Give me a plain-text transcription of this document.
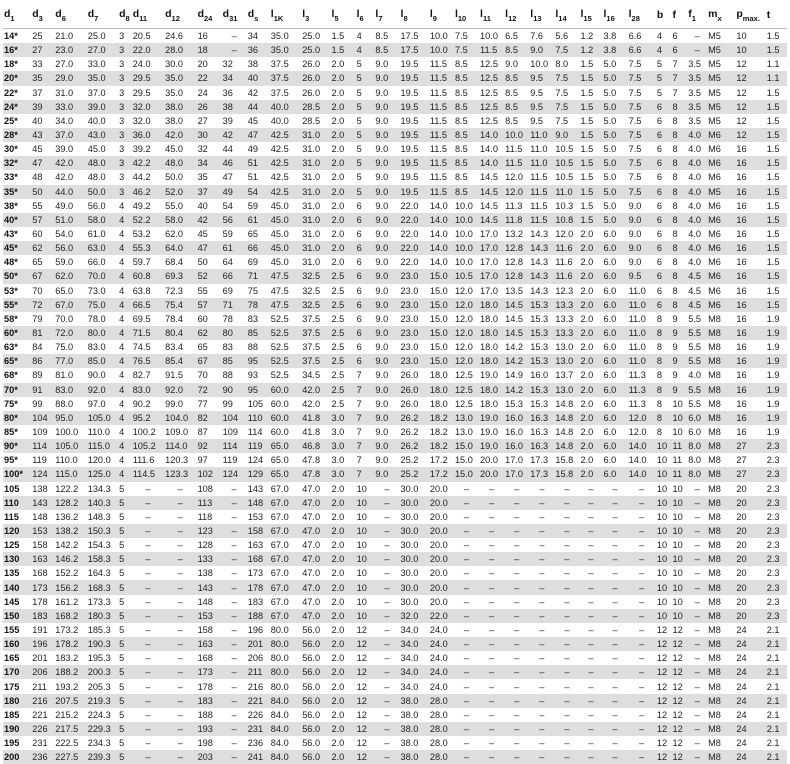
$d_1$	$d_3$	$d_6$	$d_7$	$d_8$	$d_{11}$	$d_{12}$	$d_{24}$	$d_{31}$	$d_s$	$l_{1K}$	$l_3$	$l_5$	$l_6$	$l_7$	$l_8$	$l_9$	$l_{10}$	$l_{11}$	$l_{12}$	$l_{13}$	$l_{14}$	$l_{15}$	$l_{16}$	$l_{28}$	b	f	$f_1$	$m_x$	$p_{max.}$	t
14*	25	21.0	25.0	3	20.5	24.6	16	–	34	35.0	25.0	1.5	4	8.5	17.5	10.0	7.5	10.0	6.5	7.6	5.6	1.2	3.8	6.6	4	6	–	M5	10	1.5
16*	27	23.0	27.0	3	22.0	28.0	18	–	36	35.0	25.0	1.5	4	8.5	17.5	10.0	7.5	11.5	8.5	9.0	7.5	1.2	3.8	6.6	4	6	–	M5	10	1.5
18*	33	27.0	33.0	3	24.0	30.0	20	32	38	37.5	26.0	2.0	5	9.0	19.5	11.5	8.5	12.5	9.0	10.0	8.0	1.5	5.0	7.5	5	7	3.5	M5	12	1.1
20*	35	29.0	35.0	3	29.5	35.0	22	34	40	37.5	26.0	2.0	5	9.0	19.5	11.5	8.5	12.5	8.5	9.5	7.5	1.5	5.0	7.5	5	7	3.5	M5	12	1.1
22*	37	31.0	37.0	3	29.5	35.0	24	36	42	37.5	26.0	2.0	5	9.0	19.5	11.5	8.5	12.5	8.5	9.5	7.5	1.5	5.0	7.5	5	7	3.5	M5	12	1.5
24*	39	33.0	39.0	3	32.0	38.0	26	38	44	40.0	28.5	2.0	5	9.0	19.5	11.5	8.5	12.5	8.5	9.5	7.5	1.5	5.0	7.5	6	8	3.5	M5	12	1.5
25*	40	34.0	40.0	3	32.0	38.0	27	39	45	40.0	28.5	2.0	5	9.0	19.5	11.5	8.5	12.5	8.5	9.5	7.5	1.5	5.0	7.5	6	8	3.5	M5	12	1.5
28*	43	37.0	43.0	3	36.0	42.0	30	42	47	42.5	31.0	2.0	5	9.0	19.5	11.5	8.5	14.0	10.0	11.0	9.0	1.5	5.0	7.5	6	8	4.0	M6	12	1.5
30*	45	39.0	45.0	3	39.2	45.0	32	44	49	42.5	31.0	2.0	5	9.0	19.5	11.5	8.5	14.0	11.5	11.0	10.5	1.5	5.0	7.5	6	8	4.0	M6	16	1.5
32*	47	42.0	48.0	3	42.2	48.0	34	46	51	42.5	31.0	2.0	5	9.0	19.5	11.5	8.5	14.0	11.5	11.0	10.5	1.5	5.0	7.5	6	8	4.0	M6	16	1.5
33*	48	42.0	48.0	3	44.2	50.0	35	47	51	42.5	31.0	2.0	5	9.0	19.5	11.5	8.5	14.5	12.0	11.5	10.5	1.5	5.0	7.5	6	8	4.0	M6	16	1.5
35*	50	44.0	50.0	3	46.2	52.0	37	49	54	42.5	31.0	2.0	5	9.0	19.5	11.5	8.5	14.5	12.0	11.5	11.0	1.5	5.0	7.5	6	8	4.0	M5	16	1.5
38*	55	49.0	56.0	4	49.2	55.0	40	54	59	45.0	31.0	2.0	6	9.0	22.0	14.0	10.0	14.5	11.3	11.5	10.3	1.5	5.0	9.0	6	8	4.0	M6	16	1.5
40*	57	51.0	58.0	4	52.2	58.0	42	56	61	45.0	31.0	2.0	6	9.0	22.0	14.0	10.0	14.5	11.8	11.5	10.8	1.5	5.0	9.0	6	8	4.0	M6	16	1.5
43*	60	54.0	61.0	4	53.2	62.0	45	59	65	45.0	31.0	2.0	6	9.0	22.0	14.0	10.0	17.0	13.2	14.3	12.0	2.0	6.0	9.0	6	8	4.0	M6	16	1.5
45*	62	56.0	63.0	4	55.3	64.0	47	61	66	45.0	31.0	2.0	6	9.0	22.0	14.0	10.0	17.0	12.8	14.3	11.6	2.0	6.0	9.0	6	8	4.0	M6	16	1.5
48*	65	59.0	66.0	4	59.7	68.4	50	64	69	45.0	31.0	2.0	6	9.0	22.0	14.0	10.0	17.0	12.8	14.3	11.6	2.0	6.0	9.0	6	8	4.0	M6	16	1.5
50*	67	62.0	70.0	4	60.8	69.3	52	66	71	47.5	32.5	2.5	6	9.0	23.0	15.0	10.5	17.0	12.8	14.3	11.6	2.0	6.0	9.5	6	8	4.5	M6	16	1.5
53*	70	65.0	73.0	4	63.8	72.3	55	69	75	47.5	32.5	2.5	6	9.0	23.0	15.0	12.0	17.0	13.5	14.3	12.3	2.0	6.0	11.0	6	8	4.5	M6	16	1.5
55*	72	67.0	75.0	4	66.5	75.4	57	71	78	47.5	32.5	2.5	6	9.0	23.0	15.0	12.0	18.0	14.5	15.3	13.3	2.0	6.0	11.0	6	8	4.5	M6	16	1.5
58*	79	70.0	78.0	4	69.5	78.4	60	78	83	52.5	37.5	2.5	6	9.0	23.0	15.0	12.0	18.0	14.5	15.3	13.3	2.0	6.0	11.0	8	9	5.5	M8	16	1.9
60*	81	72.0	80.0	4	71.5	80.4	62	80	85	52.5	37.5	2.5	6	9.0	23.0	15.0	12.0	18.0	14.5	15.3	13.3	2.0	6.0	11.0	8	9	5.5	M8	16	1.9
63*	84	75.0	83.0	4	74.5	83.4	65	83	88	52.5	37.5	2.5	6	9.0	23.0	15.0	12.0	18.0	14.2	15.3	13.0	2.0	6.0	11.0	8	9	5.5	M8	16	1.9
65*	86	77.0	85.0	4	76.5	85.4	67	85	95	52.5	37.5	2.5	6	9.0	23.0	15.0	12.0	18.0	14.2	15.3	13.0	2.0	6.0	11.0	8	9	5.5	M8	16	1.9
68*	89	81.0	90.0	4	82.7	91.5	70	88	93	52.5	34.5	2.5	7	9.0	26.0	18.0	12.5	19.0	14.9	16.0	13.7	2.0	6.0	11.3	8	9	4.0	M8	16	1.9
70*	91	83.0	92.0	4	83.0	92.0	72	90	95	60.0	42.0	2.5	7	9.0	26.0	18.0	12.5	18.0	14.2	15.3	13.0	2.0	6.0	11.3	8	9	5.5	M8	16	1.9
75*	99	88.0	97.0	4	90.2	99.0	77	99	105	60.0	42.0	2.5	7	9.0	26.0	18.0	12.5	18.0	15.3	15.3	14.8	2.0	6.0	11.3	8	10	5.5	M8	16	1.9
80*	104	95.0	105.0	4	95.2	104.0	82	104	110	60.0	41.8	3.0	7	9.0	26.2	18.2	13.0	19.0	16.0	16.3	14.8	2.0	6.0	12.0	8	10	6.0	M8	16	1.9
85*	109	100.0	110.0	4	100.2	109.0	87	109	114	60.0	41.8	3.0	7	9.0	26.2	18.2	13.0	19.0	16.0	16.3	14.8	2.0	6.0	12.0	8	10	6.0	M8	16	1.9
90*	114	105.0	115.0	4	105.2	114.0	92	114	119	65.0	46.8	3.0	7	9.0	26.2	18.2	15.0	19.0	16.0	16.3	14.8	2.0	6.0	14.0	10	11	8.0	M8	27	2.3
95*	119	110.0	120.0	4	111.6	120.3	97	119	124	65.0	47.8	3.0	7	9.0	25.2	17.2	15.0	20.0	17.0	17.3	15.8	2.0	6.0	14.0	10	11	8.0	M8	27	2.3
100*	124	115.0	125.0	4	114.5	123.3	102	124	129	65.0	47.8	3.0	7	9.0	25.2	17.2	15.0	20.0	17.0	17.3	15.8	2.0	6.0	14.0	10	11	8.0	M8	27	2.3
105	138	122.2	134.3	5	–	–	108	–	143	67.0	47.0	2.0	10	–	30.0	20.0	–	–	–	–	–	–	–	–	10	10	–	M8	20	2.3
110	143	128.2	140.3	5	–	–	113	–	148	67.0	47.0	2.0	10	–	30.0	20.0	–	–	–	–	–	–	–	–	10	10	–	M8	20	2.3
115	148	136.2	148.3	5	–	–	118	–	153	67.0	47.0	2.0	10	–	30.0	20.0	–	–	–	–	–	–	–	–	10	10	–	M8	20	2.3
120	153	138.2	150.3	5	–	–	123	–	158	67.0	47.0	2.0	10	–	30.0	20.0	–	–	–	–	–	–	–	–	10	10	–	M8	20	2.3
125	158	142.2	154.3	5	–	–	128	–	163	67.0	47.0	2.0	10	–	30.0	20.0	–	–	–	–	–	–	–	–	10	10	–	M8	20	2.3
130	163	146.2	158.3	5	–	–	133	–	168	67.0	47.0	2.0	10	–	30.0	20.0	–	–	–	–	–	–	–	–	10	10	–	M8	20	2.3
135	168	152.2	164.3	5	–	–	138	–	173	67.0	47.0	2.0	10	–	30.0	20.0	–	–	–	–	–	–	–	–	10	10	–	M8	20	2.3
140	173	156.2	168.3	5	–	–	143	–	178	67.0	47.0	2.0	10	–	30.0	20.0	–	–	–	–	–	–	–	–	10	10	–	M8	20	2.3
145	178	161.2	173.3	5	–	–	148	–	183	67.0	47.0	2.0	10	–	30.0	20.0	–	–	–	–	–	–	–	–	10	10	–	M8	20	2.3
150	183	168.2	180.3	5	–	–	153	–	188	67.0	47.0	2.0	10	–	32.0	22.0	–	–	–	–	–	–	–	–	10	10	–	M8	20	2.3
155	191	173.2	185.3	5	–	–	158	–	196	80.0	56.0	2.0	12	–	34.0	24.0	–	–	–	–	–	–	–	–	12	12	–	M8	24	2.1
160	196	178.2	190.3	5	–	–	163	–	201	80.0	56.0	2.0	12	–	34.0	24.0	–	–	–	–	–	–	–	–	12	12	–	M8	24	2.1
165	201	183.2	195.3	5	–	–	168	–	206	80.0	56.0	2.0	12	–	34.0	24.0	–	–	–	–	–	–	–	–	12	12	–	M8	24	2.1
170	206	188.2	200.3	5	–	–	173	–	211	80.0	56.0	2.0	12	–	34.0	24.0	–	–	–	–	–	–	–	–	12	12	–	M8	24	2.1
175	211	193.2	205.3	5	–	–	178	–	216	80.0	56.0	2.0	12	–	34.0	24.0	–	–	–	–	–	–	–	–	12	12	–	M8	24	2.1
180	216	207.5	219.3	5	–	–	183	–	221	84.0	56.0	2.0	12	–	38.0	28.0	–	–	–	–	–	–	–	–	12	12	–	M8	24	2.1
185	221	215.2	224.3	5	–	–	188	–	226	84.0	56.0	2.0	12	–	38.0	28.0	–	–	–	–	–	–	–	–	12	12	–	M8	24	2.1
190	226	217.5	229.3	5	–	–	193	–	231	84.0	56.0	2.0	12	–	38.0	28.0	–	–	–	–	–	–	–	–	12	12	–	M8	24	2.1
195	231	222.5	234.3	5	–	–	198	–	236	84.0	56.0	2.0	12	–	38.0	28.0	–	–	–	–	–	–	–	–	12	12	–	M8	24	2.1
200	236	227.5	239.3	5	–	–	203	–	241	84.0	56.0	2.0	12	–	38.0	28.0	–	–	–	–	–	–	–	–	12	12	–	M8	24	2.1
